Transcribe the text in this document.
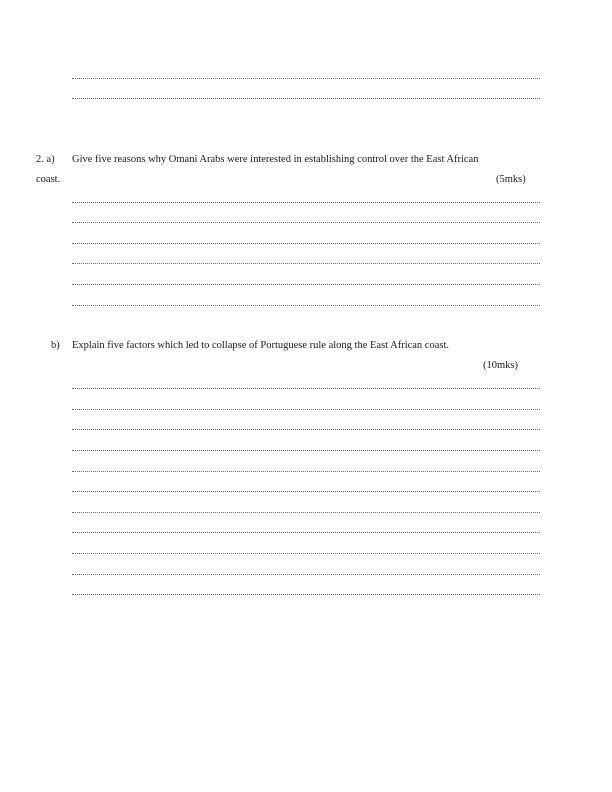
2. a) Give five reasons why Omani Arabs were interested in establishing control over the East African
coast.	(5mks)
b) Explain five factors which led to collapse of Portuguese rule along the East African coast.
(10mks)
